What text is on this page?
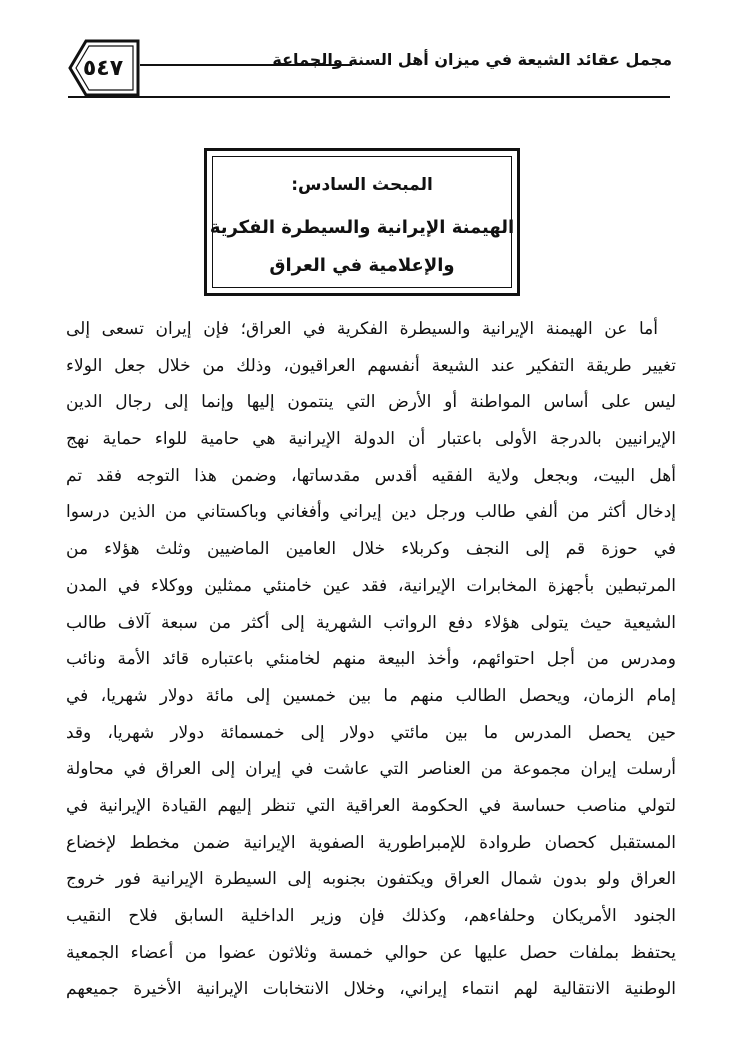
مجمل عقائد الشيعة في ميزان أهل السنة والجماعة
٥٤٧
المبحث السادس:
الهيمنة الإيرانية والسيطرة الفكرية
والإعلامية في العراق
أما عن الهيمنة الإيرانية والسيطرة الفكرية في العراق؛ فإن إيران تسعى إلى
تغيير طريقة التفكير عند الشيعة أنفسهم العراقيون، وذلك من خلال جعل الولاء
ليس على أساس المواطنة أو الأرض التي ينتمون إليها وإنما إلى رجال الدين
الإيرانيين بالدرجة الأولى باعتبار أن الدولة الإيرانية هي حامية للواء حماية نهج
أهل البيت، وبجعل ولاية الفقيه أقدس مقدساتها، وضمن هذا التوجه فقد تم
إدخال أكثر من ألفي طالب ورجل دين إيراني وأفغاني وباكستاني من الذين درسوا
في حوزة قم إلى النجف وكربلاء خلال العامين الماضيين وثلث هؤلاء من
المرتبطين بأجهزة المخابرات الإيرانية، فقد عين خامنئي ممثلين ووكلاء في المدن
الشيعية حيث يتولى هؤلاء دفع الرواتب الشهرية إلى أكثر من سبعة آلاف طالب
ومدرس من أجل احتوائهم، وأخذ البيعة منهم لخامنئي باعتباره قائد الأمة ونائب
إمام الزمان، ويحصل الطالب منهم ما بين خمسين إلى مائة دولار شهريا، في
حين يحصل المدرس ما بين مائتي دولار إلى خمسمائة دولار شهريا، وقد
أرسلت إيران مجموعة من العناصر التي عاشت في إيران إلى العراق في محاولة
لتولي مناصب حساسة في الحكومة العراقية التي تنظر إليهم القيادة الإيرانية في
المستقبل كحصان طروادة للإمبراطورية الصفوية الإيرانية ضمن مخطط لإخضاع
العراق ولو بدون شمال العراق ويكتفون بجنوبه إلى السيطرة الإيرانية فور خروج
الجنود الأمريكان وحلفاءهم، وكذلك فإن وزير الداخلية السابق فلاح النقيب
يحتفظ بملفات حصل عليها عن حوالي خمسة وثلاثون عضوا من أعضاء الجمعية
الوطنية الانتقالية لهم انتماء إيراني، وخلال الانتخابات الإيرانية الأخيرة جميعهم
